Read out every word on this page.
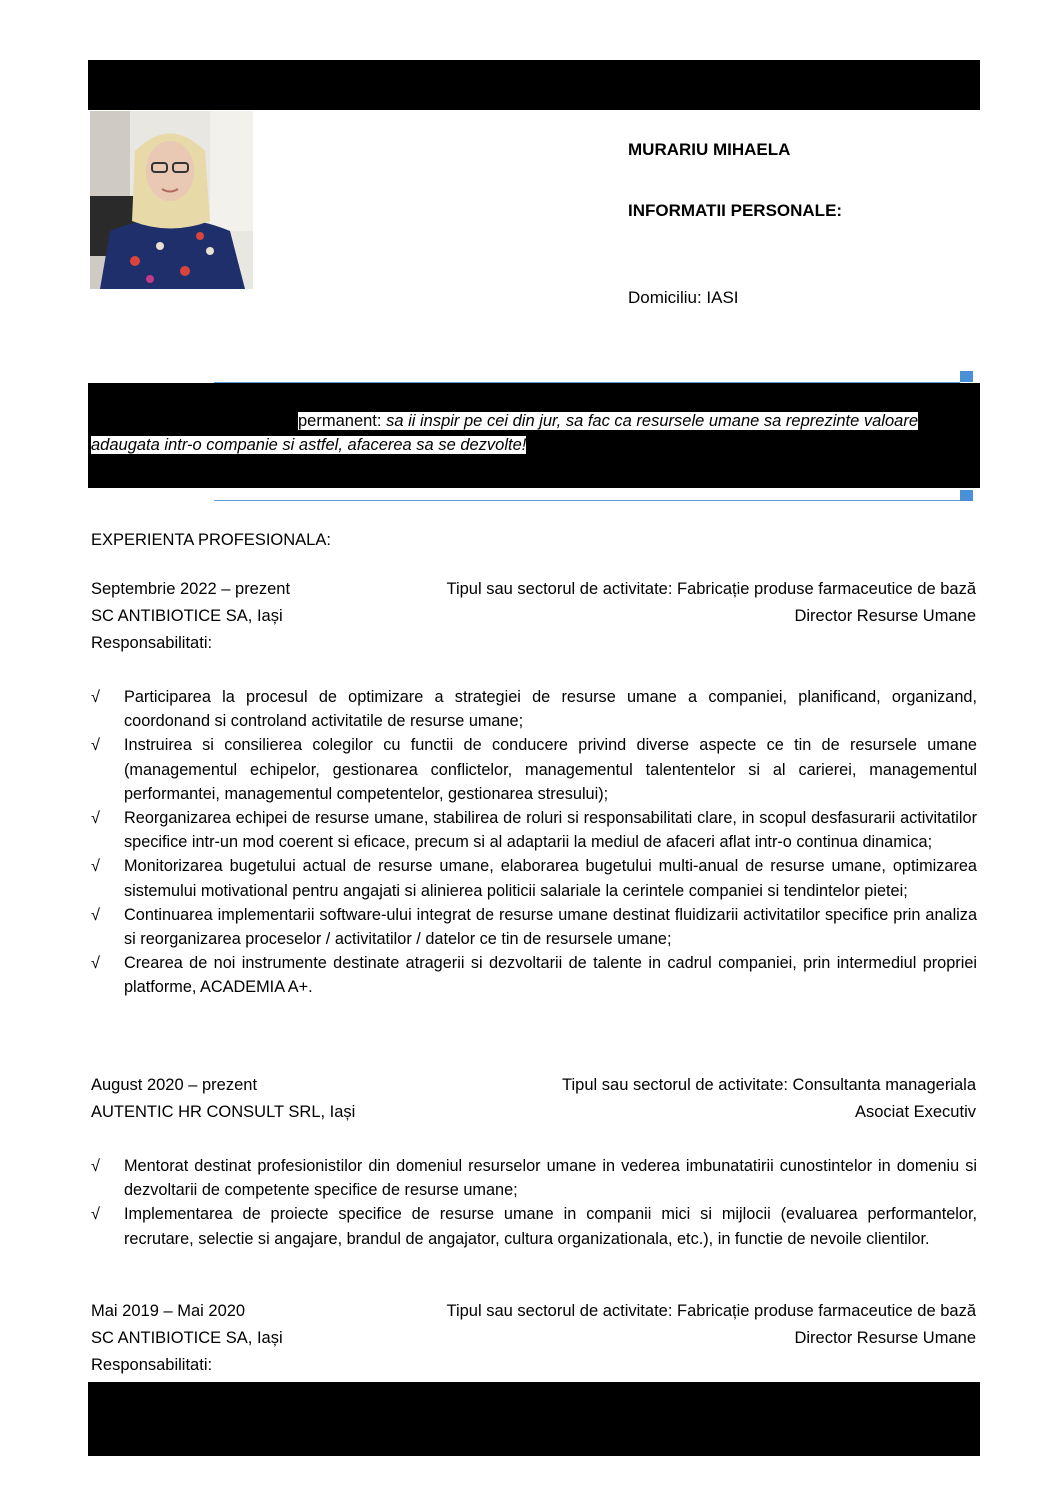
MURARIU MIHAELA
INFORMATII PERSONALE:
Domiciliu: IASI
permanent: sa ii inspir pe cei din jur, sa fac ca resursele umane sa reprezinte valoare
adaugata intr-o companie si astfel, afacerea sa se dezvolte!
EXPERIENTA PROFESIONALA:
Septembrie 2022 – prezent	Tipul sau sectorul de activitate: Fabricație produse farmaceutice de bază
SC ANTIBIOTICE SA, Iași	Director Resurse Umane
Responsabilitati:
√ Participarea la procesul de optimizare a strategiei de resurse umane a companiei, planificand, organizand, coordonand si controland activitatile de resurse umane;
√ Instruirea si consilierea colegilor cu functii de conducere privind diverse aspecte ce tin de resursele umane (managementul echipelor, gestionarea conflictelor, managementul talententelor si al carierei, managementul performantei, managementul competentelor, gestionarea stresului);
√ Reorganizarea echipei de resurse umane, stabilirea de roluri si responsabilitati clare, in scopul desfasurarii activitatilor specifice intr-un mod coerent si eficace, precum si al adaptarii la mediul de afaceri aflat intr-o continua dinamica;
√ Monitorizarea bugetului actual de resurse umane, elaborarea bugetului multi-anual de resurse umane, optimizarea sistemului motivational pentru angajati si alinierea politicii salariale la cerintele companiei si tendintelor pietei;
√ Continuarea implementarii software-ului integrat de resurse umane destinat fluidizarii activitatilor specifice prin analiza si reorganizarea proceselor / activitatilor / datelor ce tin de resursele umane;
√ Crearea de noi instrumente destinate atragerii si dezvoltarii de talente in cadrul companiei, prin intermediul propriei platforme, ACADEMIA A+.
August 2020 – prezent	Tipul sau sectorul de activitate: Consultanta manageriala
AUTENTIC HR CONSULT SRL, Iași	Asociat Executiv
√ Mentorat destinat profesionistilor din domeniul resurselor umane in vederea imbunatatirii cunostintelor in domeniu si dezvoltarii de competente specifice de resurse umane;
√ Implementarea de proiecte specifice de resurse umane in companii mici si mijlocii (evaluarea performantelor, recrutare, selectie si angajare, brandul de angajator, cultura organizationala, etc.), in functie de nevoile clientilor.
Mai 2019 – Mai 2020	Tipul sau sectorul de activitate: Fabricație produse farmaceutice de bază
SC ANTIBIOTICE SA, Iași	Director Resurse Umane
Responsabilitati:
